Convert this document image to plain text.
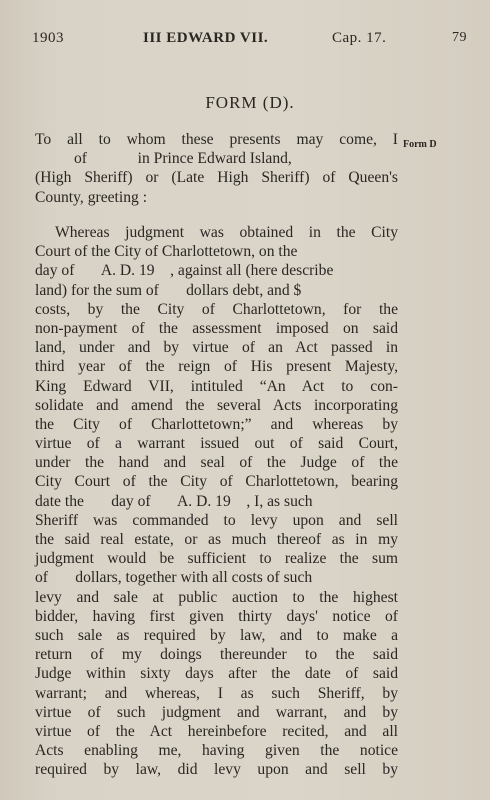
1903	III EDWARD VII.	Cap. 17.	79
FORM (D).
Form D
To all to whom these presents may come, I
of             in Prince Edward Island,
(High Sheriff) or (Late High Sheriff) of Queen's
County, greeting :
Whereas judgment was obtained in the City
Court of the City of Charlottetown, on the
day of       A. D. 19    , against all (here describe
land) for the sum of       dollars debt, and $
costs, by the City of Charlottetown, for the
non-payment of the assessment imposed on said
land, under and by virtue of an Act passed in
third year of the reign of His present Majesty,
King Edward VII, intituled “An Act to con-
solidate and amend the several Acts incorporating
the City of Charlottetown;” and whereas by
virtue of a warrant issued out of said Court,
under the hand and seal of the Judge of the
City Court of the City of Charlottetown, bearing
date the       day of       A. D. 19    , I, as such
Sheriff was commanded to levy upon and sell
the said real estate, or as much thereof as in my
judgment would be sufficient to realize the sum
of       dollars, together with all costs of such
levy and sale at public auction to the highest
bidder, having first given thirty days' notice of
such sale as required by law, and to make a
return of my doings thereunder to the said
Judge within sixty days after the date of said
warrant; and whereas, I as such Sheriff, by
virtue of such judgment and warrant, and by
virtue of the Act hereinbefore recited, and all
Acts enabling me, having given the notice
required by law, did levy upon and sell by
